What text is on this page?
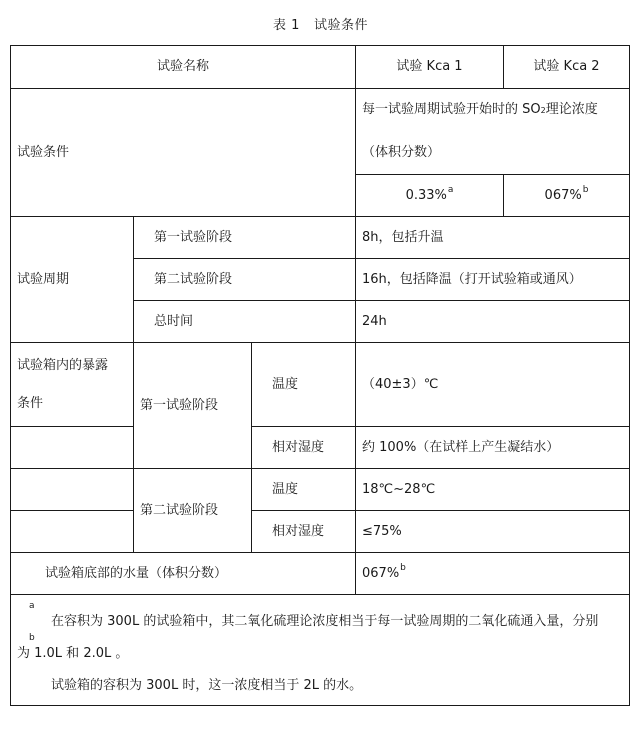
表 1 试验条件
试验名称			试验 Kca 1	试验 Kca 2
试验条件			每一试验周期试验开始时的 SO2理论浓度
（体积分数）	

			0.33%$^a$	067%$^b$
试验周期	第一试验阶段		8h，包括升温	
	第二试验阶段		16h，包括降温（打开试验箱或通风）	
	总时间		24h	

试验箱内的暴露
条件	第一试验阶段	温度	（40±3）℃	
		相对湿度	约 100%（在试样上产生凝结水）	
	第二试验阶段	温度	18℃~28℃	
		相对湿度	≤75%	
试验箱底部的水量（体积分数）			067%$^b$

a
在容积为 300L 的试验箱中，其二氧化硫理论浓度相当于每一试验周期的二氧化硫通入量，分别
b
为 1.0L 和 2.0L 。
试验箱的容积为 300L 时，这一浓度相当于 2L 的水。				
